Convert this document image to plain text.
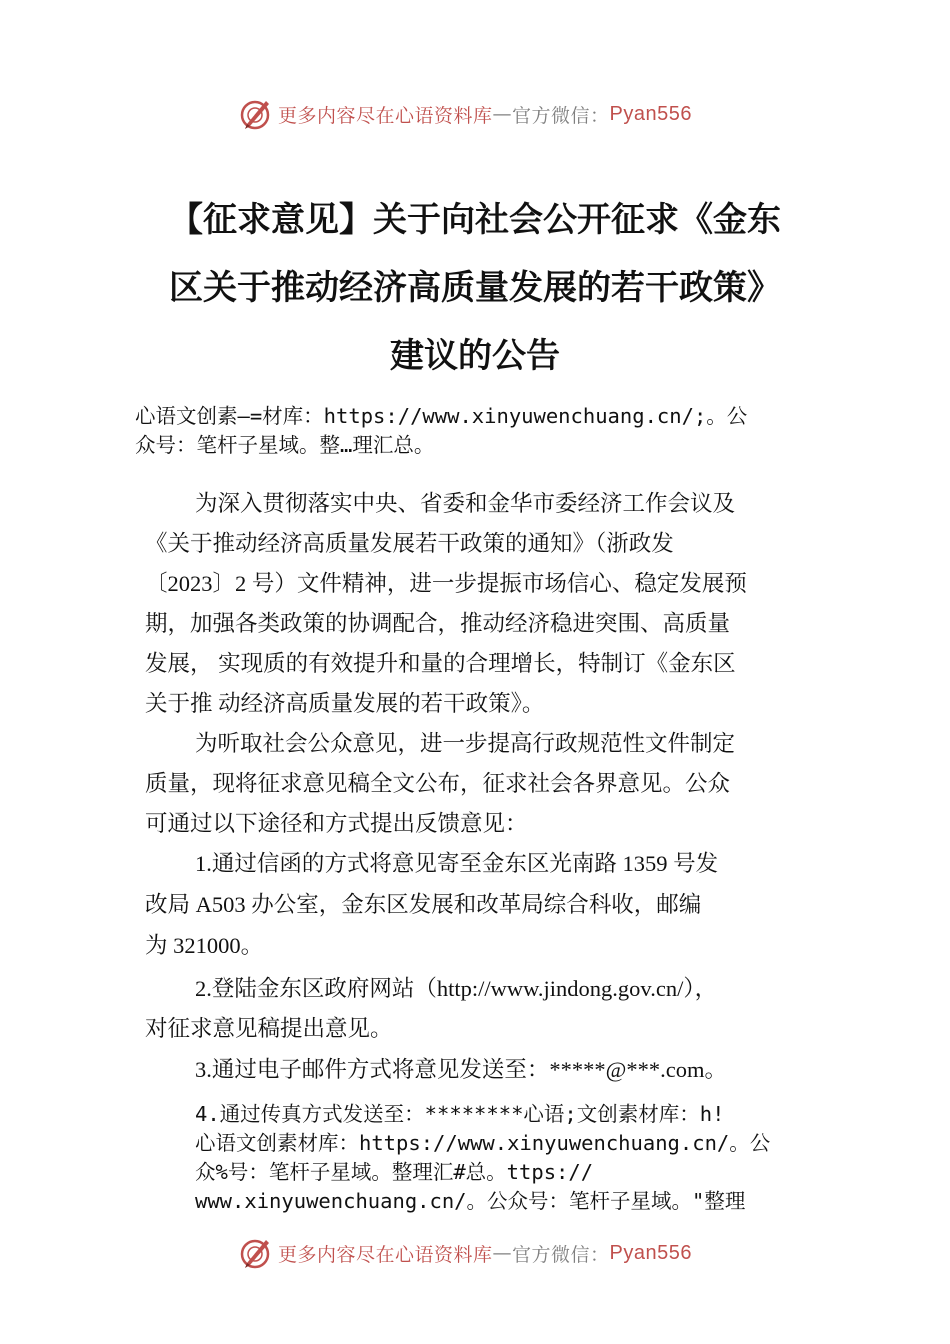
更多内容尽在心语资料库 — 官方微信： Pyan556
【征求意见】关于向社会公开征求《金东
区关于推动经济高质量发展的若干政策》
建议的公告
心语文创素—=材库：https://www.xinyuwenchuang.cn/;。公
众号：笔杆子星域。整…理汇总。
为深入贯彻落实中央、省委和金华市委经济工作会议及
《关于推动经济高质量发展若干政策的通知》（浙政发
〔2023〕2 号）文件精神，进一步提振市场信心、稳定发展预
期，加强各类政策的协调配合，推动经济稳进突围、高质量
发展， 实现质的有效提升和量的合理增长，特制订《金东区
关于推 动经济高质量发展的若干政策》。
为听取社会公众意见，进一步提高行政规范性文件制定
质量，现将征求意见稿全文公布，征求社会各界意见。公众
可通过以下途径和方式提出反馈意见：
1.通过信函的方式将意见寄至金东区光南路 1359 号发
改局 A503 办公室，金东区发展和改革局综合科收，邮编
为 321000。
2.登陆金东区政府网站（http://www.jindong.gov.cn/），
对征求意见稿提出意见。
3.通过电子邮件方式将意见发送至：*****@***.com。
4.通过传真方式发送至：********心语;文创素材库：h!
心语文创素材库：https://www.xinyuwenchuang.cn/。公
众%号：笔杆子星域。整理汇#总。ttps://
www.xinyuwenchuang.cn/。公众号：笔杆子星域。"整理
更多内容尽在心语资料库 — 官方微信： Pyan556
